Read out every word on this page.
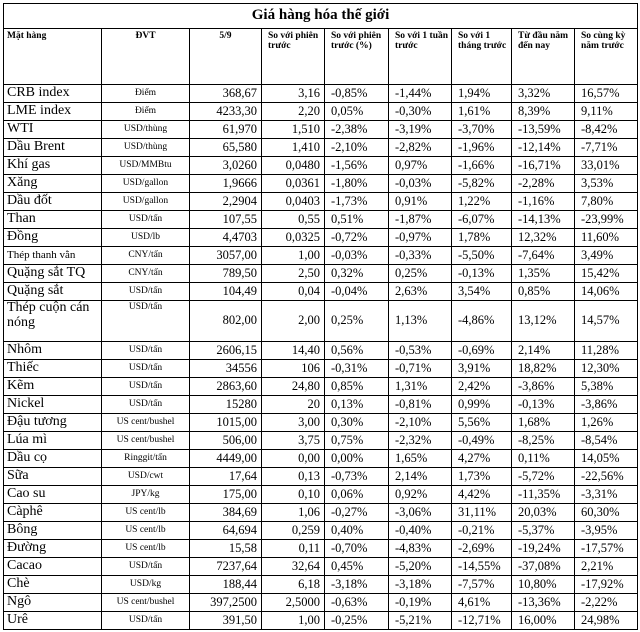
Giá hàng hóa thế giới								
Mặt hàng	ĐVT	5/9	So với phiên trước	So với phiên trước (%)	So với 1 tuần trước	So với 1 tháng trước	Từ đầu năm đến nay	So cùng kỳ năm trước
CRB index	Điểm	368,67	3,16	-0,85%	-1,44%	1,94%	3,32%	16,57%
LME index	Điểm	4233,30	2,20	0,05%	-0,30%	1,61%	8,39%	9,11%
WTI	USD/thùng	61,970	1,510	-2,38%	-3,19%	-3,70%	-13,59%	-8,42%
Dầu Brent	USD/thùng	65,580	1,410	-2,10%	-2,82%	-1,96%	-12,14%	-7,71%
Khí gas	USD/MMBtu	3,0260	0,0480	-1,56%	0,97%	-1,66%	-16,71%	33,01%
Xăng	USD/gallon	1,9666	0,0361	-1,80%	-0,03%	-5,82%	-2,28%	3,53%
Dầu đốt	USD/gallon	2,2904	0,0403	-1,73%	0,91%	1,22%	-1,16%	7,80%
Than	USD/tấn	107,55	0,55	0,51%	-1,87%	-6,07%	-14,13%	-23,99%
Đồng	USD/lb	4,4703	0,0325	-0,72%	-0,97%	1,78%	12,32%	11,60%
Thép thanh vằn	CNY/tấn	3057,00	1,00	-0,03%	-0,33%	-5,50%	-7,64%	3,49%
Quặng sắt TQ	CNY/tấn	789,50	2,50	0,32%	0,25%	-0,13%	1,35%	15,42%
Quặng sắt	USD/tấn	104,49	0,04	-0,04%	2,63%	3,54%	0,85%	14,06%
Thép cuộn cán nóng	USD/tấn	802,00	2,00	0,25%	1,13%	-4,86%	13,12%	14,57%
Nhôm	USD/tấn	2606,15	14,40	0,56%	-0,53%	-0,69%	2,14%	11,28%
Thiếc	USD/tấn	34556	106	-0,31%	-0,71%	3,91%	18,82%	12,30%
Kẽm	USD/tấn	2863,60	24,80	0,85%	1,31%	2,42%	-3,86%	5,38%
Nickel	USD/tấn	15280	20	0,13%	-0,81%	0,99%	-0,13%	-3,86%
Đậu tương	US cent/bushel	1015,00	3,00	0,30%	-2,10%	5,56%	1,68%	1,26%
Lúa mì	US cent/bushel	506,00	3,75	0,75%	-2,32%	-0,49%	-8,25%	-8,54%
Dầu cọ	Ringgit/tấn	4449,00	0,00	0,00%	1,65%	4,27%	0,11%	14,05%
Sữa	USD/cwt	17,64	0,13	-0,73%	2,14%	1,73%	-5,72%	-22,56%
Cao su	JPY/kg	175,00	0,10	0,06%	0,92%	4,42%	-11,35%	-3,31%
Càphê	US cent/lb	384,69	1,06	-0,27%	-3,06%	31,11%	20,03%	60,30%
Bông	US cent/lb	64,694	0,259	0,40%	-0,40%	-0,21%	-5,37%	-3,95%
Đường	US cent/lb	15,58	0,11	-0,70%	-4,83%	-2,69%	-19,24%	-17,57%
Cacao	USD/tấn	7237,64	32,64	0,45%	-5,20%	-14,55%	-37,08%	2,21%
Chè	USD/kg	188,44	6,18	-3,18%	-3,18%	-7,57%	10,80%	-17,92%
Ngô	US cent/bushel	397,2500	2,5000	-0,63%	-0,19%	4,61%	-13,36%	-2,22%
Urê	USD/tấn	391,50	1,00	-0,25%	-5,21%	-12,71%	16,00%	24,98%
